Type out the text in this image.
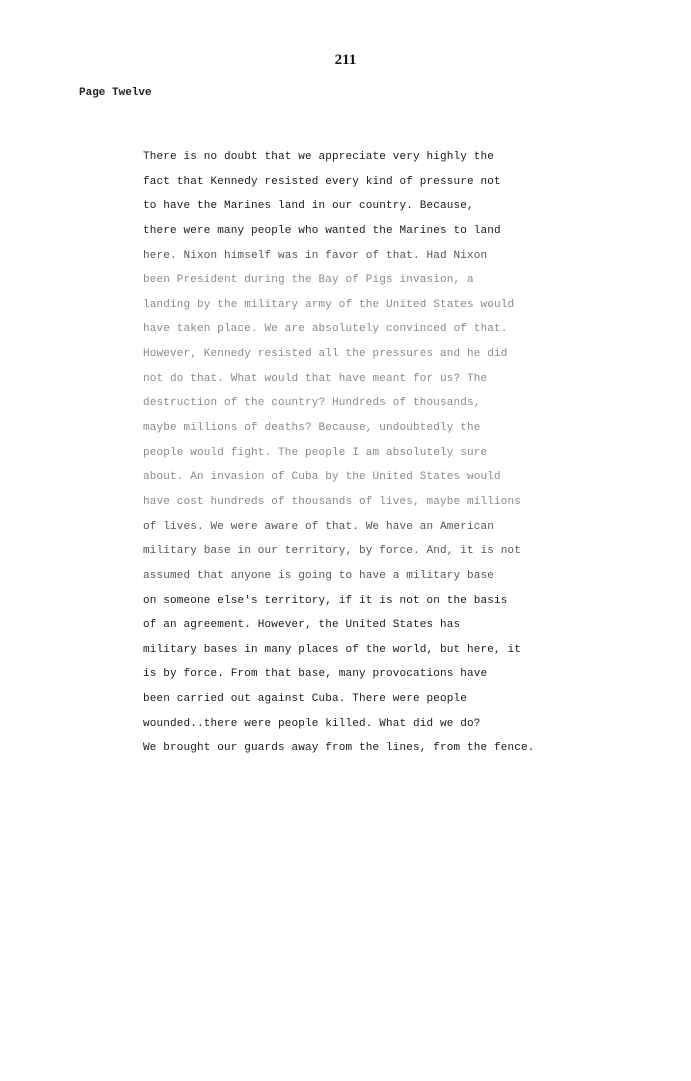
211
Page Twelve
There is no doubt that we appreciate very highly the
fact that Kennedy resisted every kind of pressure not
to have the Marines land in our country. Because,
there were many people who wanted the Marines to land
here. Nixon himself was in favor of that. Had Nixon
been President during the Bay of Pigs invasion, a
landing by the military army of the United States would
have taken place. We are absolutely convinced of that.
However, Kennedy resisted all the pressures and he did
not do that. What would that have meant for us? The
destruction of the country? Hundreds of thousands,
maybe millions of deaths? Because, undoubtedly the
people would fight. The people I am absolutely sure
about. An invasion of Cuba by the United States would
have cost hundreds of thousands of lives, maybe millions
of lives. We were aware of that. We have an American
military base in our territory, by force. And, it is not
assumed that anyone is going to have a military base
on someone else's territory, if it is not on the basis
of an agreement. However, the United States has
military bases in many places of the world, but here, it
is by force. From that base, many provocations have
been carried out against Cuba. There were people
wounded..there were people killed. What did we do?
We brought our guards away from the lines, from the fence.
